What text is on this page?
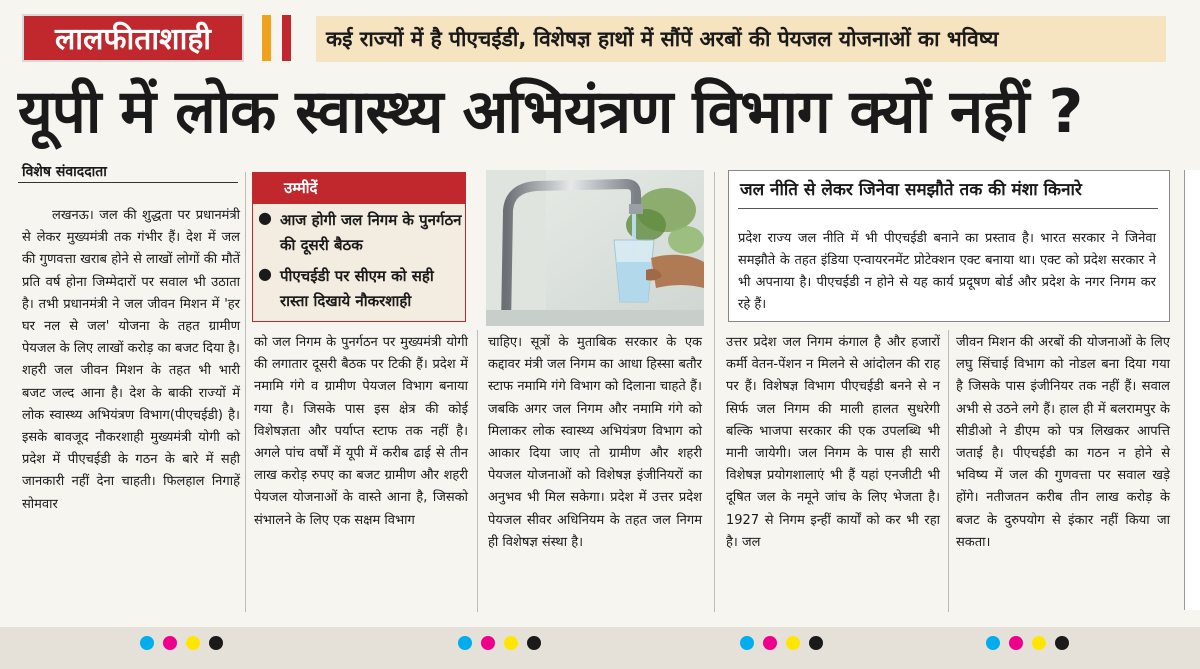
लालफीताशाही	कई राज्यों में है पीएचईडी, विशेषज्ञ हाथों में सौंपें अरबों की पेयजल योजनाओं का भविष्य
यूपी में लोक स्वास्थ्य अभियंत्रण विभाग क्यों नहीं ?
विशेष संवाददाता
लखनऊ। जल की शुद्धता पर प्रधानमंत्री से लेकर मुख्यमंत्री तक गंभीर हैं। देश में जल की गुणवत्ता खराब होने से लाखों लोगों की मौतें प्रति वर्ष होना जिम्मेदारों पर सवाल भी उठाता है। तभी प्रधानमंत्री ने जल जीवन मिशन में 'हर घर नल से जल' योजना के तहत ग्रामीण पेयजल के लिए लाखों करोड़ का बजट दिया है। शहरी जल जीवन मिशन के तहत भी भारी बजट जल्द आना है। देश के बाकी राज्यों में लोक स्वास्थ्य अभियंत्रण विभाग(पीएचईडी) है। इसके बावजूद नौकरशाही मुख्यमंत्री योगी को प्रदेश में पीएचईडी के गठन के बारे में सही जानकारी नहीं देना चाहती। फिलहाल निगाहें सोमवार
उम्मीदें
● आज होगी जल निगम के पुनर्गठन की दूसरी बैठक
● पीएचईडी पर सीएम को सही रास्ता दिखाये नौकरशाही
को जल निगम के पुनर्गठन पर मुख्यमंत्री योगी की लगातार दूसरी बैठक पर टिकी हैं। प्रदेश में नमामि गंगे व ग्रामीण पेयजल विभाग बनाया गया है। जिसके पास इस क्षेत्र की कोई विशेषज्ञता और पर्याप्त स्टाफ तक नहीं है। अगले पांच वर्षों में यूपी में करीब ढाई से तीन लाख करोड़ रुपए का बजट ग्रामीण और शहरी पेयजल योजनाओं के वास्ते आना है, जिसको संभालने के लिए एक सक्षम विभाग
चाहिए। सूत्रों के मुताबिक सरकार के एक कद्दावर मंत्री जल निगम का आधा हिस्सा बतौर स्टाफ नमामि गंगे विभाग को दिलाना चाहते हैं। जबकि अगर जल निगम और नमामि गंगे को मिलाकर लोक स्वास्थ्य अभियंत्रण विभाग को आकार दिया जाए तो ग्रामीण और शहरी पेयजल योजनाओं को विशेषज्ञ इंजीनियरों का अनुभव भी मिल सकेगा। प्रदेश में उत्तर प्रदेश पेयजल सीवर अधिनियम के तहत जल निगम ही विशेषज्ञ संस्था है।
जल नीति से लेकर जिनेवा समझौते तक की मंशा किनारे
प्रदेश राज्य जल नीति में भी पीएचईडी बनाने का प्रस्ताव है। भारत सरकार ने जिनेवा समझौते के तहत इंडिया एन्वायरनमेंट प्रोटेक्शन एक्ट बनाया था। एक्ट को प्रदेश सरकार ने भी अपनाया है। पीएचईडी न होने से यह कार्य प्रदूषण बोर्ड और प्रदेश के नगर निगम कर रहे हैं।
उत्तर प्रदेश जल निगम कंगाल है और हजारों कर्मी वेतन-पेंशन न मिलने से आंदोलन की राह पर हैं। विशेषज्ञ विभाग पीएचईडी बनने से न सिर्फ जल निगम की माली हालत सुधरेगी बल्कि भाजपा सरकार की एक उपलब्धि भी मानी जायेगी। जल निगम के पास ही सारी विशेषज्ञ प्रयोगशालाएं भी हैं यहां एनजीटी भी दूषित जल के नमूने जांच के लिए भेजता है। 1927 से निगम इन्हीं कार्यों को कर भी रहा है। जल
जीवन मिशन की अरबों की योजनाओं के लिए लघु सिंचाई विभाग को नोडल बना दिया गया है जिसके पास इंजीनियर तक नहीं हैं। सवाल अभी से उठने लगे हैं। हाल ही में बलरामपुर के सीडीओ ने डीएम को पत्र लिखकर आपत्ति जताई है। पीएचईडी का गठन न होने से भविष्य में जल की गुणवत्ता पर सवाल खड़े होंगे। नतीजतन करीब तीन लाख करोड़ के बजट के दुरुपयोग से इंकार नहीं किया जा सकता।
